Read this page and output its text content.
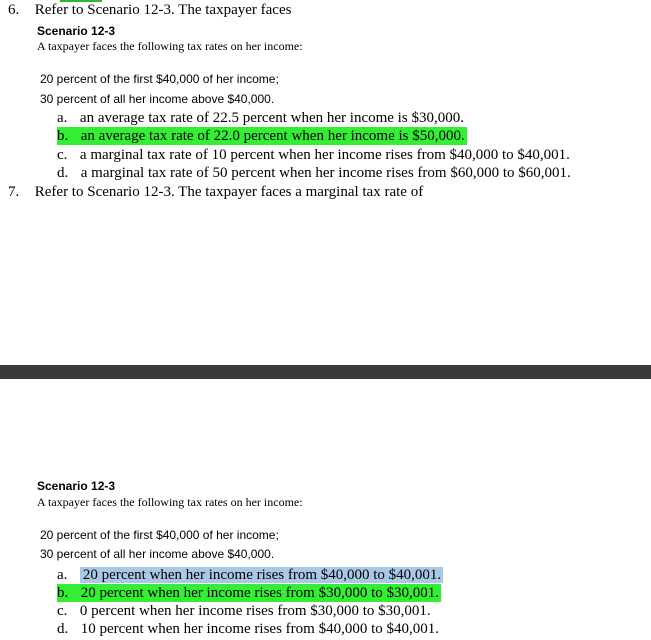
6. Refer to Scenario 12-3. The taxpayer faces
Scenario 12-3
A taxpayer faces the following tax rates on her income:
20 percent of the first $40,000 of her income;
30 percent of all her income above $40,000.
a. an average tax rate of 22.5 percent when her income is $30,000.
b. an average tax rate of 22.0 percent when her income is $50,000.
c. a marginal tax rate of 10 percent when her income rises from $40,000 to $40,001.
d. a marginal tax rate of 50 percent when her income rises from $60,000 to $60,001.
7. Refer to Scenario 12-3. The taxpayer faces a marginal tax rate of
Scenario 12-3
A taxpayer faces the following tax rates on her income:
20 percent of the first $40,000 of her income;
30 percent of all her income above $40,000.
a. 20 percent when her income rises from $40,000 to $40,001.
b. 20 percent when her income rises from $30,000 to $30,001.
c. 0 percent when her income rises from $30,000 to $30,001.
d. 10 percent when her income rises from $40,000 to $40,001.
